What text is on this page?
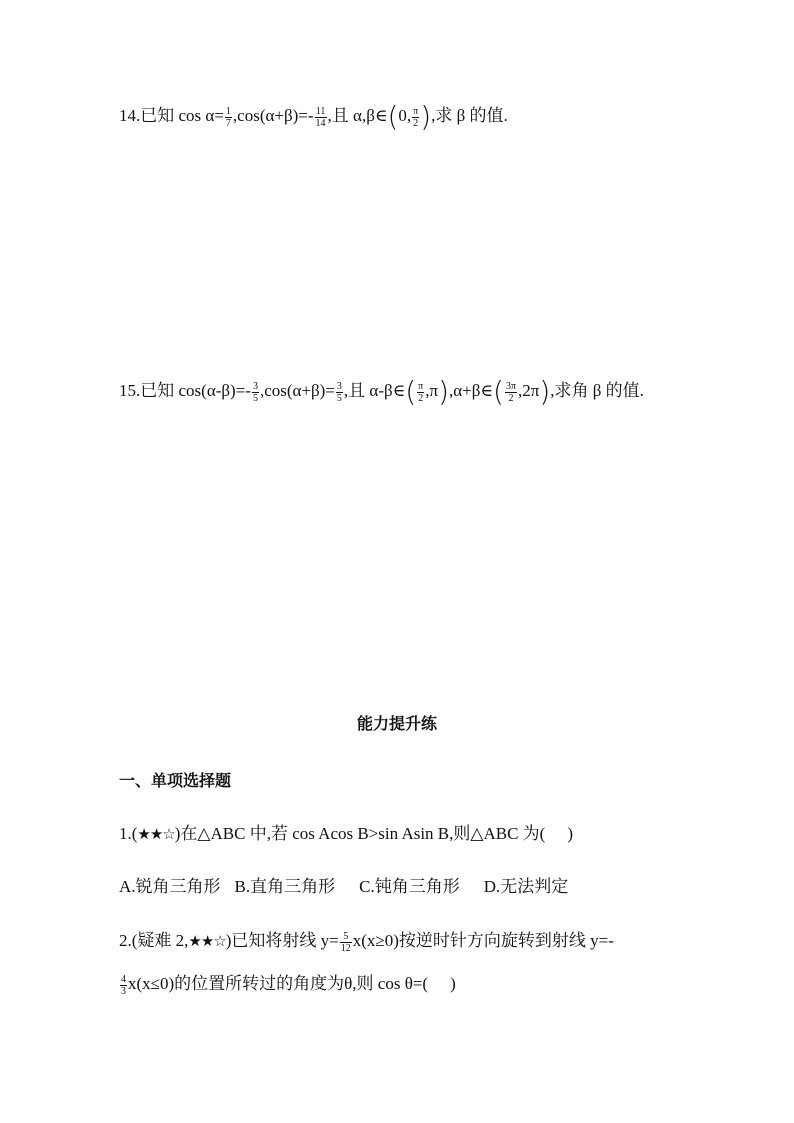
14.已知 $\cos \alpha= \frac{1}{7} ,\cos(\alpha+\beta)=- \frac{11}{14}$ ,且 α,β∈(0, $\frac{\pi}{2}$ ),求 β 的值.
15.已知 $\cos(\alpha-\beta)=- \frac{3}{5} ,\cos(\alpha+\beta)= \frac{3}{5}$ ,且 α-β∈( $\frac{\pi}{2}$ ,π),α+β∈( $\frac{3\pi}{2} ,2\pi$),求角 β 的值.
能力提升练
一、单项选择题
1.(★★☆)在△ABC 中,若 cos Acos B>sin Asin B,则△ABC 为( )
A.锐角三角形 B.直角三角形 C.钝角三角形 D.无法判定
2.(疑难 2,★★☆)已知将射线 $y= \frac{5}{12} x(x\ge 0)$按逆时针方向旋转到射线 y=-
$\frac{4}{3} x(x\le 0)$的位置所转过的角度为θ,则 cos θ=( )
